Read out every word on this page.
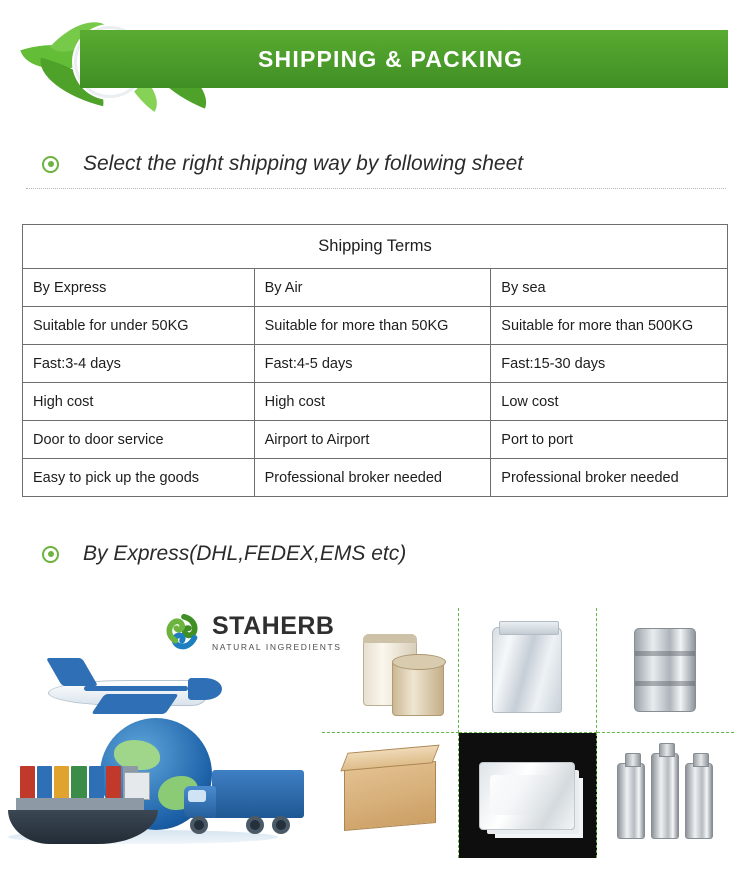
SHIPPING & PACKING
Select the right shipping way by following sheet
Shipping Terms		
By Express	By Air	By sea
Suitable for under 50KG	Suitable for more than 50KG	Suitable for more than 500KG
Fast:3-4 days	Fast:4-5 days	Fast:15-30 days
High cost	High cost	Low cost
Door to door service	Airport to Airport	Port to port
Easy to pick up the goods	Professional broker needed	Professional broker needed
By Express(DHL,FEDEX,EMS etc)
STAHERB
NATURAL INGREDIENTS
